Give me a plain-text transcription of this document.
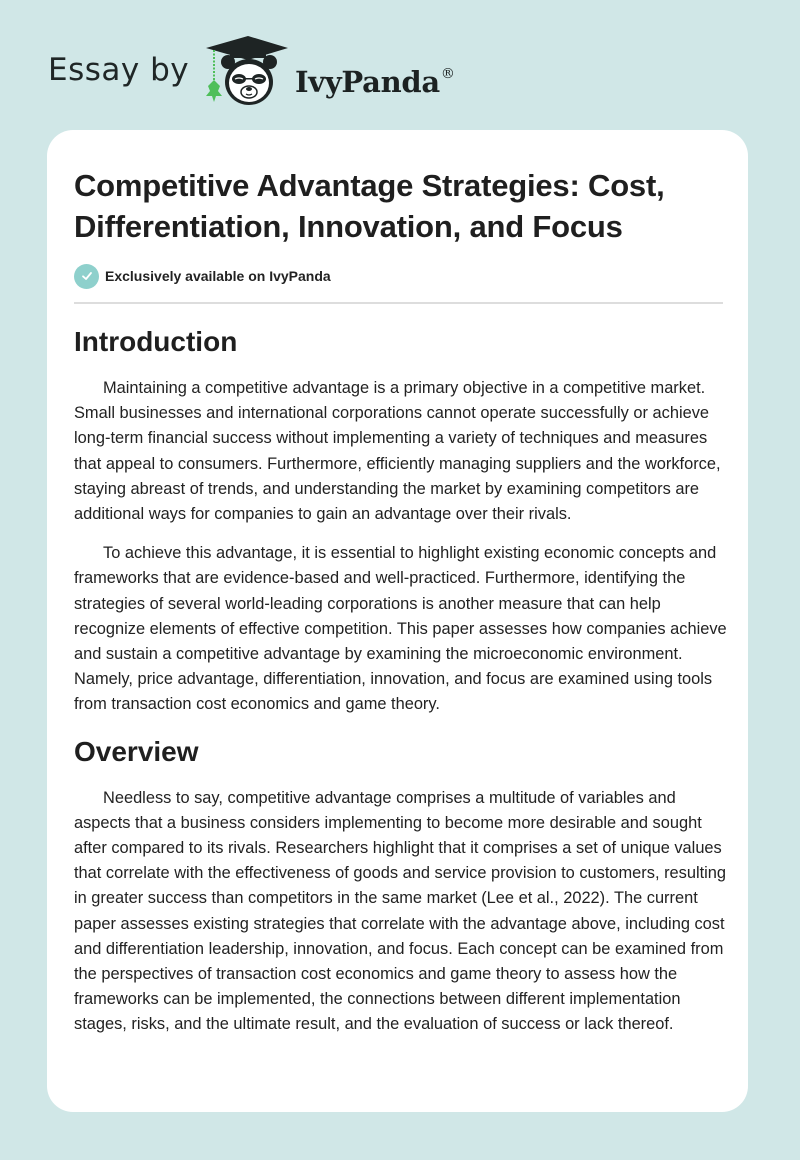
Essay by	IvyPanda®
Competitive Advantage Strategies: Cost, Differentiation, Innovation, and Focus
Exclusively available on IvyPanda
Introduction

Maintaining a competitive advantage is a primary objective in a competitive market. Small businesses and international corporations cannot operate successfully or achieve long-term financial success without implementing a variety of techniques and measures that appeal to consumers. Furthermore, efficiently managing suppliers and the workforce, staying abreast of trends, and understanding the market by examining competitors are additional ways for companies to gain an advantage over their rivals.

To achieve this advantage, it is essential to highlight existing economic concepts and frameworks that are evidence-based and well-practiced. Furthermore, identifying the strategies of several world-leading corporations is another measure that can help recognize elements of effective competition. This paper assesses how companies achieve and sustain a competitive advantage by examining the microeconomic environment. Namely, price advantage, differentiation, innovation, and focus are examined using tools from transaction cost economics and game theory.

Overview

Needless to say, competitive advantage comprises a multitude of variables and aspects that a business considers implementing to become more desirable and sought after compared to its rivals. Researchers highlight that it comprises a set of unique values that correlate with the effectiveness of goods and service provision to customers, resulting in greater success than competitors in the same market (Lee et al., 2022). The current paper assesses existing strategies that correlate with the advantage above, including cost and differentiation leadership, innovation, and focus. Each concept can be examined from the perspectives of transaction cost economics and game theory to assess how the frameworks can be implemented, the connections between different implementation stages, risks, and the ultimate result, and the evaluation of success or lack thereof.
